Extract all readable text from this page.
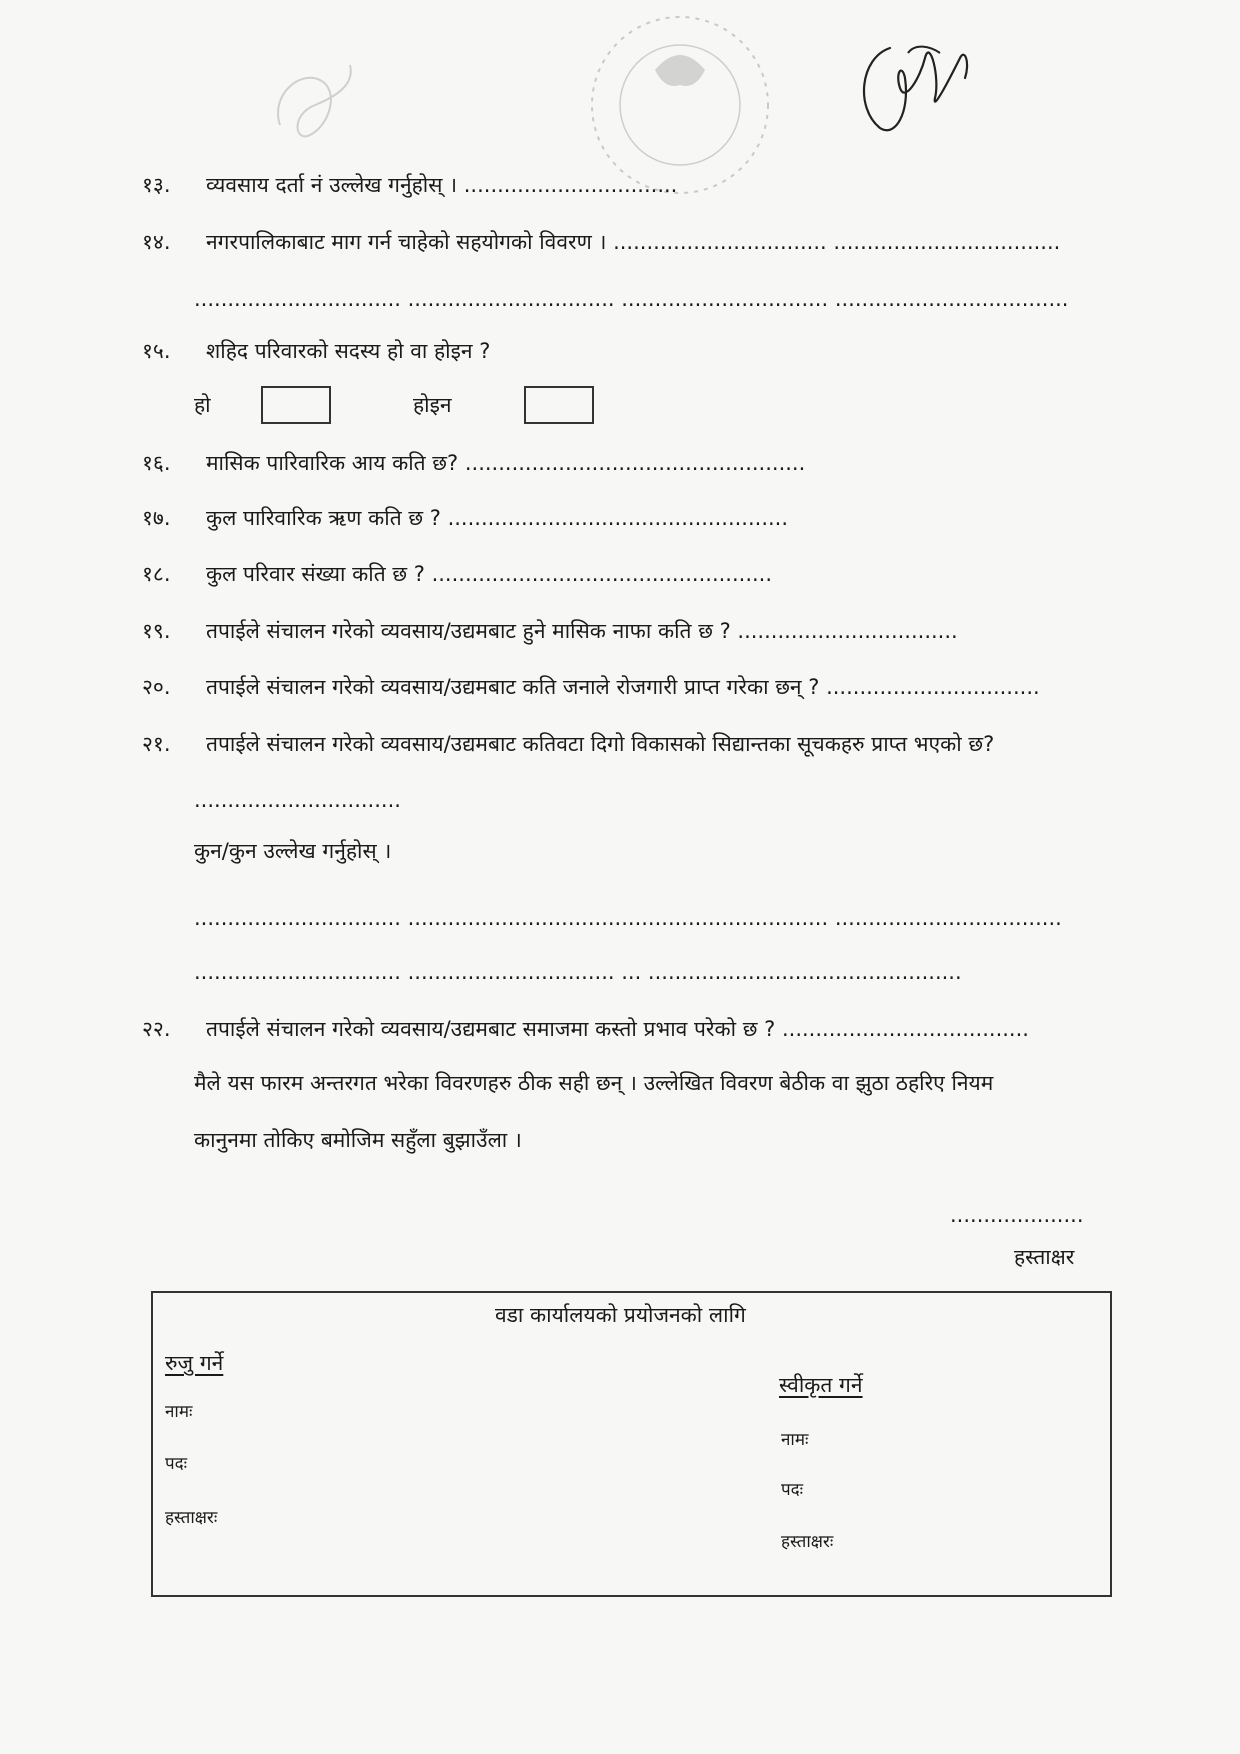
१३. व्यवसाय दर्ता नं उल्लेख गर्नुहोस् । ................................
१४. नगरपालिकाबाट माग गर्न चाहेको सहयोगको विवरण । ................................ ..................................
............................... ............................... ............................... ...................................
१५. शहिद परिवारको सदस्य हो वा होइन ?
हो	होइन
१६. मासिक पारिवारिक आय कति छ? ...................................................
१७. कुल पारिवारिक ऋण कति छ ? ...................................................
१८. कुल परिवार संख्या कति छ ? ...................................................
१९. तपाईले संचालन गरेको व्यवसाय/उद्यमबाट हुने मासिक नाफा कति छ ? .................................
२०. तपाईले संचालन गरेको व्यवसाय/उद्यमबाट कति जनाले रोजगारी प्राप्त गरेका छन् ? ................................
२१. तपाईले संचालन गरेको व्यवसाय/उद्यमबाट कतिवटा दिगो विकासको सिद्यान्तका सूचकहरु प्राप्त भएको छ?
...............................
कुन/कुन उल्लेख गर्नुहोस् ।
............................... ............................................................... ..................................
............................... ............................... ... ...............................................
२२. तपाईले संचालन गरेको व्यवसाय/उद्यमबाट समाजमा कस्तो प्रभाव परेको छ ? .....................................
मैले यस फारम अन्तरगत भरेका विवरणहरु ठीक सही छन् । उल्लेखित विवरण बेठीक वा झुठा ठहरिए नियम
कानुनमा तोकिए बमोजिम सहुँला बुझाउँला ।
....................
हस्ताक्षर
वडा कार्यालयको प्रयोजनको लागि
रुजु गर्ने
नामः
पदः
हस्ताक्षरः
स्वीकृत गर्ने
नामः
पदः
हस्ताक्षरः
